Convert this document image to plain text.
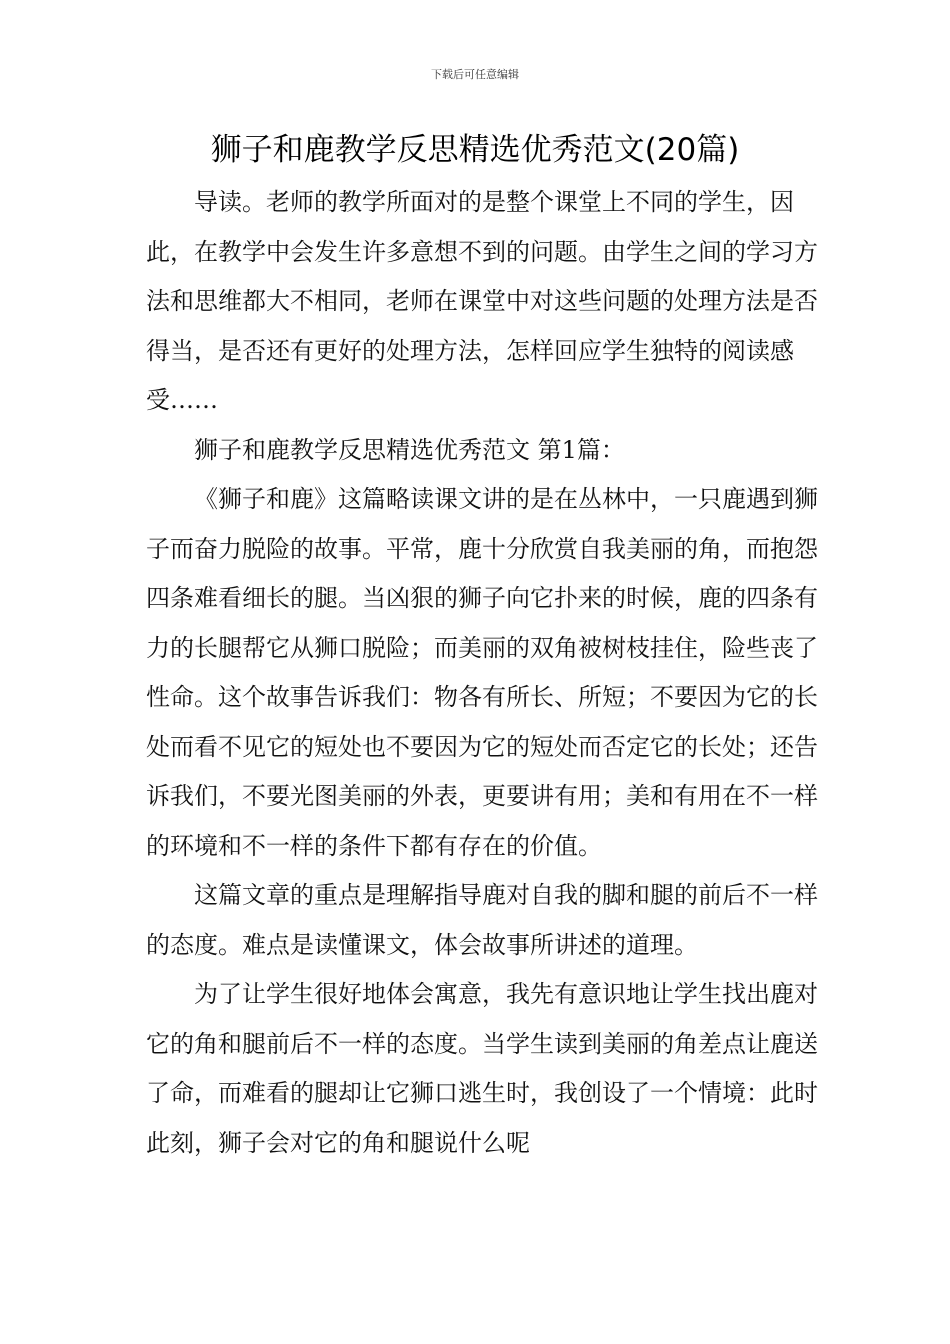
下载后可任意编辑
狮子和鹿教学反思精选优秀范文(20篇)

导读。老师的教学所面对的是整个课堂上不同的学生，因此，在教学中会发生许多意想不到的问题。由学生之间的学习方法和思维都大不相同，老师在课堂中对这些问题的处理方法是否得当，是否还有更好的处理方法，怎样回应学生独特的阅读感受……

狮子和鹿教学反思精选优秀范文 第1篇：

《狮子和鹿》这篇略读课文讲的是在丛林中，一只鹿遇到狮子而奋力脱险的故事。平常，鹿十分欣赏自我美丽的角，而抱怨四条难看细长的腿。当凶狠的狮子向它扑来的时候，鹿的四条有力的长腿帮它从狮口脱险；而美丽的双角被树枝挂住，险些丧了性命。这个故事告诉我们：物各有所长、所短；不要因为它的长处而看不见它的短处也不要因为它的短处而否定它的长处；还告诉我们，不要光图美丽的外表，更要讲有用；美和有用在不一样的环境和不一样的条件下都有存在的价值。

这篇文章的重点是理解指导鹿对自我的脚和腿的前后不一样的态度。难点是读懂课文，体会故事所讲述的道理。

为了让学生很好地体会寓意，我先有意识地让学生找出鹿对它的角和腿前后不一样的态度。当学生读到美丽的角差点让鹿送了命，而难看的腿却让它狮口逃生时，我创设了一个情境：此时此刻，狮子会对它的角和腿说什么呢
